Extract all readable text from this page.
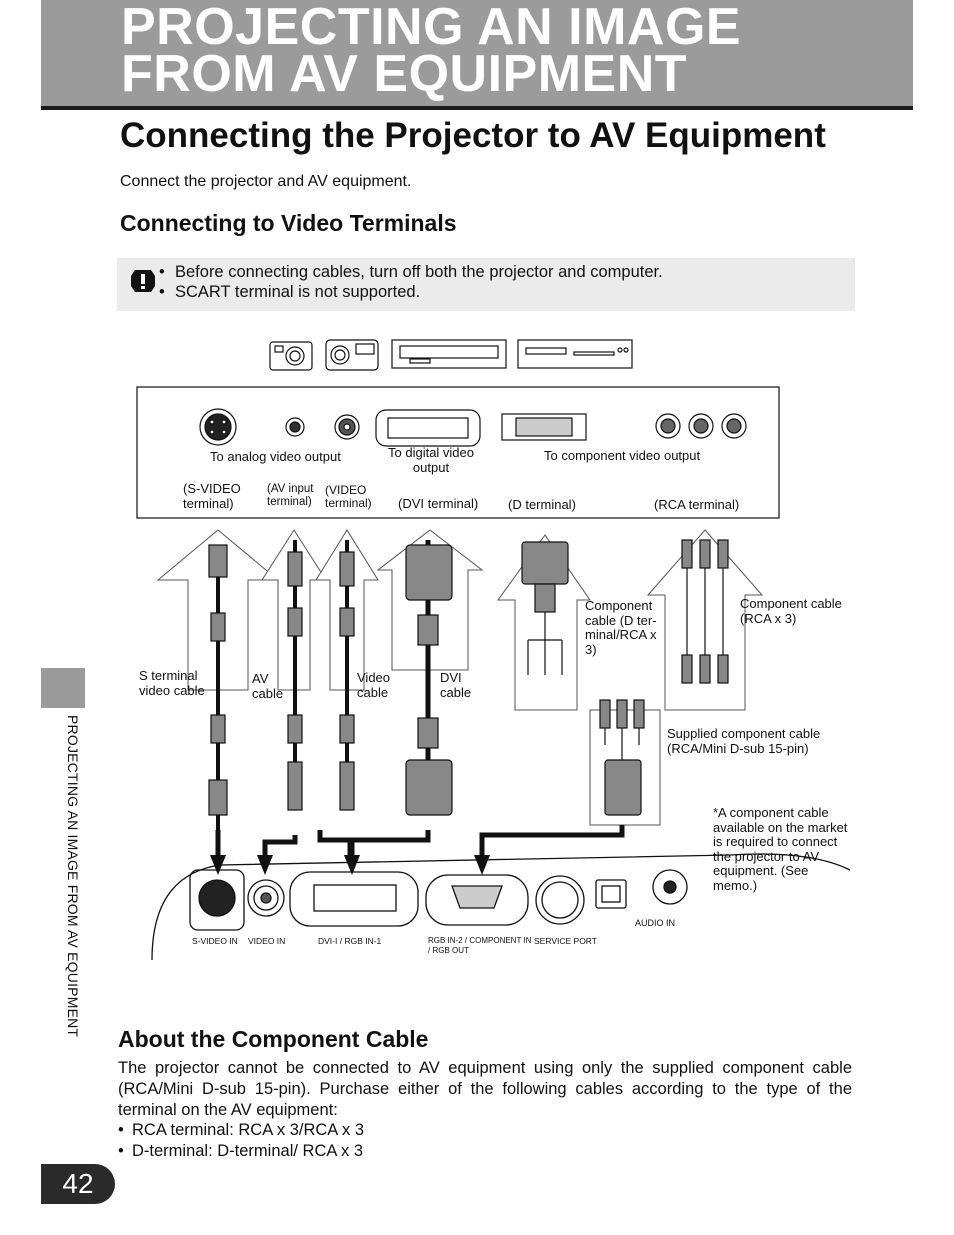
PROJECTING AN IMAGE
FROM AV EQUIPMENT
Connecting the Projector to AV Equipment
Connect the projector and AV equipment.
Connecting to Video Terminals
• Before connecting cables, turn off both the projector and computer.
• SCART terminal is not supported.
To analog video output	To digital video output
To component video output
(S-VIDEO terminal)
(AV input terminal)
(VIDEO terminal)	(DVI terminal) (D terminal)	(RCA terminal)
S terminal video cable
AV cable
Video cable
DVI cable
Component cable (D ter-minal/RCA x 3)
Component cable (RCA x 3)
Supplied component cable (RCA/Mini D-sub 15-pin)
*A component cable available on the market is required to connect the projector to AV equipment. (See memo.)
S-VIDEO IN VIDEO IN	DVI-I / RGB IN-1	RGB IN-2 / COMPONENT IN / RGB OUT
SERVICE PORT
AUDIO IN
About the Component Cable

The projector cannot be connected to AV equipment using only the supplied component cable (RCA/Mini D-sub 15-pin). Purchase either of the following cables according to the type of the terminal on the AV equipment:

• RCA terminal: RCA x 3/RCA x 3
• D-terminal: D-terminal/ RCA x 3
PROJECTING AN IMAGE FROM AV EQUIPMENT
42
